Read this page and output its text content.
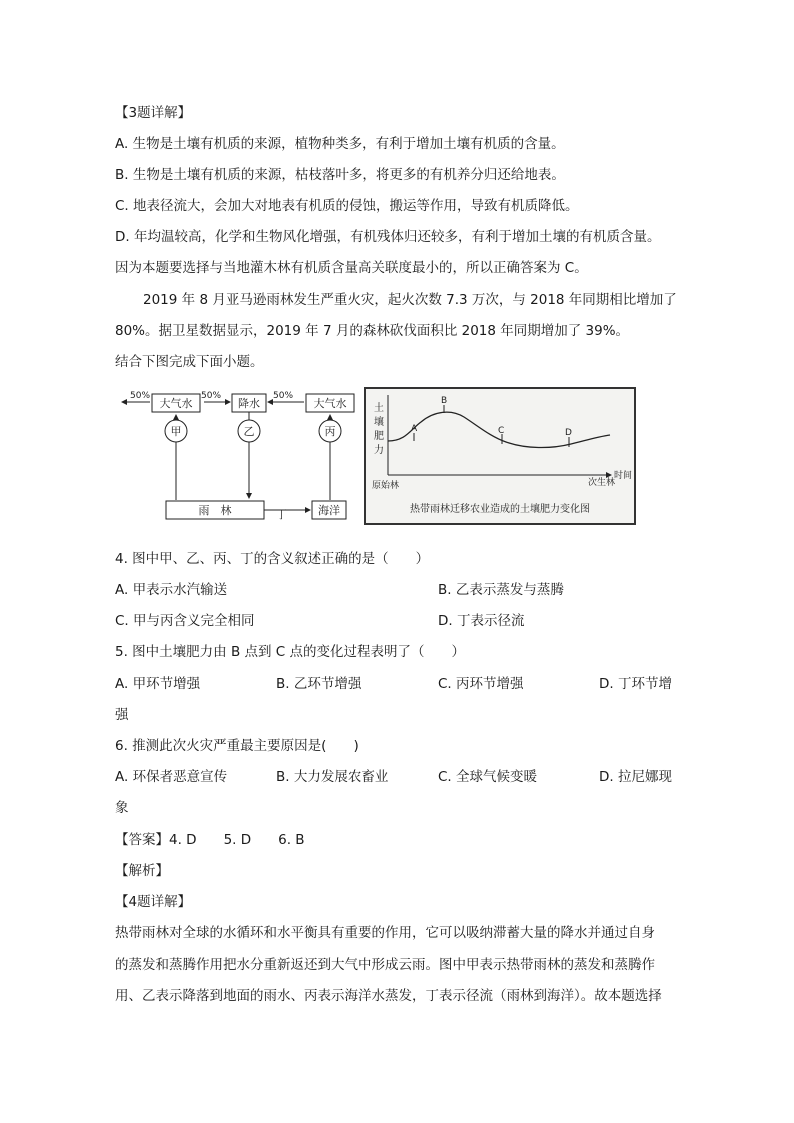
【3题详解】
A. 生物是土壤有机质的来源，植物种类多，有利于增加土壤有机质的含量。
B. 生物是土壤有机质的来源，枯枝落叶多，将更多的有机养分归还给地表。
C. 地表径流大，会加大对地表有机质的侵蚀，搬运等作用，导致有机质降低。
D. 年均温较高，化学和生物风化增强，有机残体归还较多，有利于增加土壤的有机质含量。
因为本题要选择与当地灌木林有机质含量高关联度最小的，所以正确答案为 C。
2019 年 8 月亚马逊雨林发生严重火灾，起火次数 7.3 万次，与 2018 年同期相比增加了
80%。据卫星数据显示，2019 年 7 月的森林砍伐面积比 2018 年同期增加了 39%。
结合下图完成下面小题。
50%	50%	50%
大气水	降水	大气水
甲	乙	丙
雨　林	丁	海洋
土
壤
肥
力
时间
A
B
C	D
原始林	次生林
热带雨林迁移农业造成的土壤肥力变化图
4. 图中甲、乙、丙、丁的含义叙述正确的是（　　）
A. 甲表示水汽输送	B. 乙表示蒸发与蒸腾
C. 甲与丙含义完全相同	D. 丁表示径流
5. 图中土壤肥力由 B 点到 C 点的变化过程表明了（　　）
A. 甲环节增强	B. 乙环节增强	C. 丙环节增强	D. 丁环节增
强
6. 推测此次火灾严重最主要原因是(　　)
A. 环保者恶意宣传	B. 大力发展农畜业	C. 全球气候变暖	D. 拉尼娜现
象
【答案】4. D　　5. D　　6. B
【解析】
【4题详解】
热带雨林对全球的水循环和水平衡具有重要的作用，它可以吸纳滞蓄大量的降水并通过自身
的蒸发和蒸腾作用把水分重新返还到大气中形成云雨。图中甲表示热带雨林的蒸发和蒸腾作
用、乙表示降落到地面的雨水、丙表示海洋水蒸发，丁表示径流（雨林到海洋）。故本题选择
